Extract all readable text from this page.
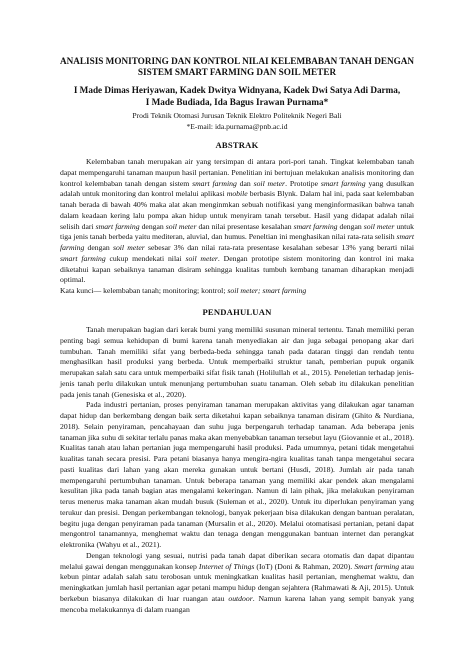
ANALISIS MONITORING DAN KONTROL NILAI KELEMBABAN TANAH DENGAN
SISTEM SMART FARMING DAN SOIL METER
I Made Dimas Heriyawan, Kadek Dwitya Widnyana, Kadek Dwi Satya Adi Darma,
I Made Budiada, Ida Bagus Irawan Purnama*
Prodi Teknik Otomasi Jurusan Teknik Elektro Politeknik Negeri Bali
*E-mail: ida.purnama@pnb.ac.id
ABSTRAK

Kelembaban tanah merupakan air yang tersimpan di antara pori-pori tanah. Tingkat kelembaban tanah dapat mempengaruhi tanaman maupun hasil pertanian. Penelitian ini bertujuan melakukan analisis monitoring dan kontrol kelembaban tanah dengan sistem smart farming dan soil meter. Prototipe smart farming yang dusulkan adalah untuk monitoring dan kontrol melalui aplikasi mobile berbasis Blynk. Dalam hal ini, pada saat kelembaban tanah berada di bawah 40% maka alat akan menginmkan sebuah notifikasi yang menginformasikan bahwa tanah dalam keadaan kering lalu pompa akan hidup untuk menyiram tanah tersebut. Hasil yang didapat adalah nilai selisih dari smart farming dengan soil meter dan nilai presentase kesalahan smart farming dengan soil meter untuk tiga jenis tanah berbeda yaitu mediteran, aluvial, dan humus. Peneltian ini menghasikan nilai rata-rata selisih smart farming dengan soil meter sebesar 3% dan nilai rata-rata presentase kesalahan sebesar 13% yang berarti nilai smart farming cukup mendekati nilai soil meter. Dengan prototipe sistem monitoring dan kontrol ini maka diketahui kapan sebaiknya tanaman disiram sehingga kualitas tumbuh kembang tanaman diharapkan menjadi optimal.

Kata kunci— kelembaban tanah; monitoring; kontrol; soil meter; smart farming

PENDAHULUAN

Tanah merupakan bagian dari kerak bumi yang memiliki susunan mineral tertentu. Tanah memiliki peran penting bagi semua kehidupan di bumi karena tanah menyediakan air dan juga sebagai penopang akar dari tumbuhan. Tanah memiliki sifat yang berbeda-beda sehingga tanah pada dataran tinggi dan rendah tentu menghasilkan hasil produksi yang berbeda. Untuk memperbaiki struktur tanah, pemberian pupuk organik merupakan salah satu cara untuk memperbaiki sifat fisik tanah (Holilullah et al., 2015). Peneletian terhadap jenis-jenis tanah perlu dilakukan untuk menunjang pertumbuhan suatu tanaman. Oleh sebab itu dilakukan penelitian pada jenis tanah (Genesiska et al., 2020).

Pada industri pertanian, proses penyiraman tanaman merupakan aktivitas yang dilakukan agar tanaman dapat hidup dan berkembang dengan baik serta diketahui kapan sebaiknya tanaman disiram (Ghito & Nurdiana, 2018). Selain penyiraman, pencahayaan dan suhu juga berpengaruh terhadap tanaman. Ada beberapa jenis tanaman jika suhu di sekitar terlalu panas maka akan menyebabkan tanaman tersebut layu (Giovannie et al., 2018). Kualitas tanah atau lahan pertanian juga mempengaruhi hasil produksi. Pada umumnya, petani tidak mengetahui kualitas tanah secara presisi. Para petani biasanya hanya mengira-ngira kualitas tanah tanpa mengetahui secara pasti kualitas dari lahan yang akan mereka gunakan untuk bertani (Husdi, 2018). Jumlah air pada tanah mempengaruhi pertumbuhan tanaman. Untuk beberapa tanaman yang memiliki akar pendek akan mengalami kesulitan jika pada tanah bagian atas mengalami kekeringan. Namun di lain pihak, jika melakukan penyiraman terus menerus maka tanaman akan mudah busuk (Suleman et al., 2020). Untuk itu diperlukan penyiraman yang terukur dan presisi. Dengan perkembangan teknologi, banyak pekerjaan bisa dilakukan dengan bantuan peralatan, begitu juga dengan penyiraman pada tanaman (Mursalin et al., 2020). Melalui otomatisasi pertanian, petani dapat mengontrol tanamannya, menghemat waktu dan tenaga dengan menggunakan bantuan internet dan perangkat elektronika (Wahyu et al., 2021).

Dengan teknologi yang sesuai, nutrisi pada tanah dapat diberikan secara otomatis dan dapat dipantau melalui gawai dengan menggunakan konsep Internet of Things (IoT) (Doni & Rahman, 2020). Smart farming atau kebun pintar adalah salah satu terobosan untuk meningkatkan kualitas hasil pertanian, menghemat waktu, dan meningkatkan jumlah hasil pertanian agar petani mampu hidup dengan sejahtera (Rahmawati & Aji, 2015). Untuk berkebun biasanya dilakukan di luar ruangan atau outdoor. Namun karena lahan yang sempit banyak yang mencoba melakukannya di dalam ruangan
